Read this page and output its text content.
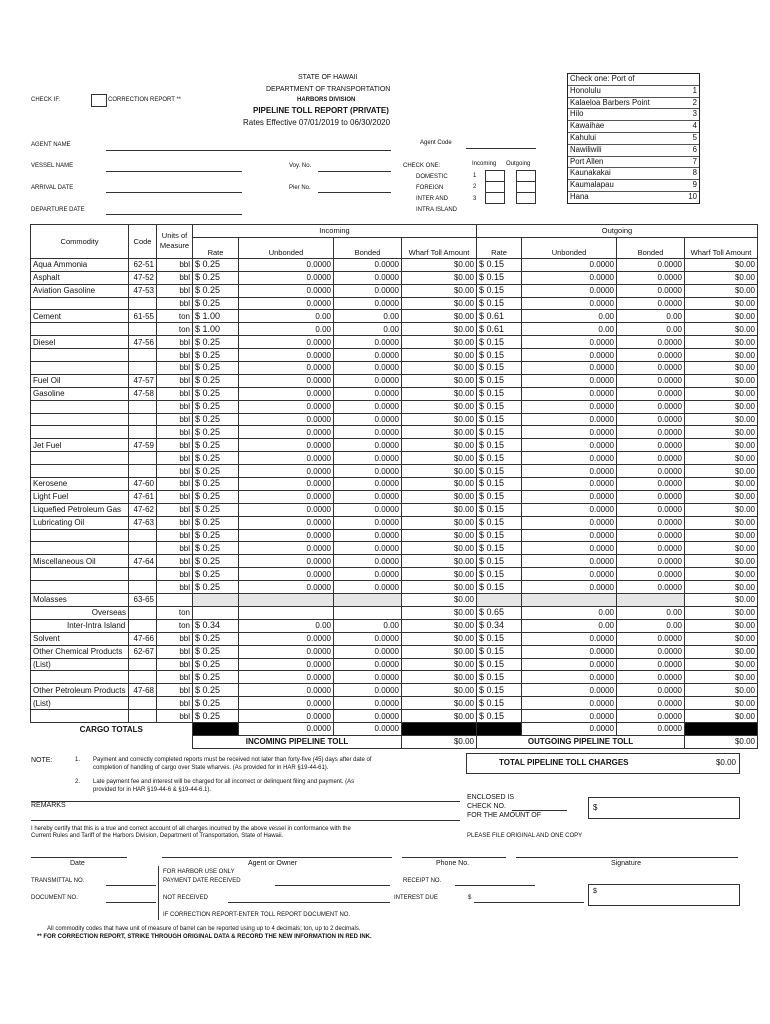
STATE OF HAWAII
DEPARTMENT OF TRANSPORTATION
HARBORS DIVISION
PIPELINE TOLL REPORT (PRIVATE)
Rates Effective 07/01/2019 to 06/30/2020
CHECK IF:	CORRECTION REPORT **
Check one: Port of
Honolulu	1
Kalaeloa Barbers Point	2
Hilo	3
Kawaihae	4
Kahului	5
Nawiliwili	6
Port Allen	7
Kaunakakai	8
Kaumalapau	9
Hana	10
AGENT NAME	Agent Code
VESSEL NAME	Voy. No.
ARRIVAL DATE	Pier No.
DEPARTURE DATE
CHECK ONE:	Incoming Outgoing
DOMESTIC	1
FOREIGN	2
INTER AND	3
INTRA ISLAND
Commodity	Code	Units of Measure	Incoming				Outgoing			
			Rate	Unbonded	Bonded	Wharf Toll Amount	Rate	Unbonded	Bonded	Wharf Toll Amount
Aqua Ammonia	62-51	bbl	$ 0.25	0.0000	0.0000	$0.00	$ 0.15	0.0000	0.0000	$0.00
Asphalt	47-52	bbl	$ 0.25	0.0000	0.0000	$0.00	$ 0.15	0.0000	0.0000	$0.00
Aviation Gasoline	47-53	bbl	$ 0.25	0.0000	0.0000	$0.00	$ 0.15	0.0000	0.0000	$0.00
		bbl	$ 0.25	0.0000	0.0000	$0.00	$ 0.15	0.0000	0.0000	$0.00
Cement	61-55	ton	$ 1.00	0.00	0.00	$0.00	$ 0.61	0.00	0.00	$0.00
		ton	$ 1.00	0.00	0.00	$0.00	$ 0.61	0.00	0.00	$0.00
Diesel	47-56	bbl	$ 0.25	0.0000	0.0000	$0.00	$ 0.15	0.0000	0.0000	$0.00
		bbl	$ 0.25	0.0000	0.0000	$0.00	$ 0.15	0.0000	0.0000	$0.00
		bbl	$ 0.25	0.0000	0.0000	$0.00	$ 0.15	0.0000	0.0000	$0.00
Fuel Oil	47-57	bbl	$ 0.25	0.0000	0.0000	$0.00	$ 0.15	0.0000	0.0000	$0.00
Gasoline	47-58	bbl	$ 0.25	0.0000	0.0000	$0.00	$ 0.15	0.0000	0.0000	$0.00
		bbl	$ 0.25	0.0000	0.0000	$0.00	$ 0.15	0.0000	0.0000	$0.00
		bbl	$ 0.25	0.0000	0.0000	$0.00	$ 0.15	0.0000	0.0000	$0.00
		bbl	$ 0.25	0.0000	0.0000	$0.00	$ 0.15	0.0000	0.0000	$0.00
Jet Fuel	47-59	bbl	$ 0.25	0.0000	0.0000	$0.00	$ 0.15	0.0000	0.0000	$0.00
		bbl	$ 0.25	0.0000	0.0000	$0.00	$ 0.15	0.0000	0.0000	$0.00
		bbl	$ 0.25	0.0000	0.0000	$0.00	$ 0.15	0.0000	0.0000	$0.00
Kerosene	47-60	bbl	$ 0.25	0.0000	0.0000	$0.00	$ 0.15	0.0000	0.0000	$0.00
Light Fuel	47-61	bbl	$ 0.25	0.0000	0.0000	$0.00	$ 0.15	0.0000	0.0000	$0.00
Liquefied Petroleum Gas	47-62	bbl	$ 0.25	0.0000	0.0000	$0.00	$ 0.15	0.0000	0.0000	$0.00
Lubricating Oil	47-63	bbl	$ 0.25	0.0000	0.0000	$0.00	$ 0.15	0.0000	0.0000	$0.00
		bbl	$ 0.25	0.0000	0.0000	$0.00	$ 0.15	0.0000	0.0000	$0.00
		bbl	$ 0.25	0.0000	0.0000	$0.00	$ 0.15	0.0000	0.0000	$0.00
Miscellaneous Oil	47-64	bbl	$ 0.25	0.0000	0.0000	$0.00	$ 0.15	0.0000	0.0000	$0.00
		bbl	$ 0.25	0.0000	0.0000	$0.00	$ 0.15	0.0000	0.0000	$0.00
		bbl	$ 0.25	0.0000	0.0000	$0.00	$ 0.15	0.0000	0.0000	$0.00
Molasses	63-65					$0.00				$0.00
Overseas		ton				$0.00	$ 0.65	0.00	0.00	$0.00
Inter-Intra Island		ton	$ 0.34	0.00	0.00	$0.00	$ 0.34	0.00	0.00	$0.00
Solvent	47-66	bbl	$ 0.25	0.0000	0.0000	$0.00	$ 0.15	0.0000	0.0000	$0.00
Other Chemical Products	62-67	bbl	$ 0.25	0.0000	0.0000	$0.00	$ 0.15	0.0000	0.0000	$0.00
(List)		bbl	$ 0.25	0.0000	0.0000	$0.00	$ 0.15	0.0000	0.0000	$0.00
		bbl	$ 0.25	0.0000	0.0000	$0.00	$ 0.15	0.0000	0.0000	$0.00
Other Petroleum Products	47-68	bbl	$ 0.25	0.0000	0.0000	$0.00	$ 0.15	0.0000	0.0000	$0.00
(List)		bbl	$ 0.25	0.0000	0.0000	$0.00	$ 0.15	0.0000	0.0000	$0.00
		bbl	$ 0.25	0.0000	0.0000	$0.00	$ 0.15	0.0000	0.0000	$0.00
CARGO TOTALS				0.0000	0.0000			0.0000	0.0000	
			INCOMING PIPELINE TOLL			$0.00	OUTGOING PIPELINE TOLL			$0.00
TOTAL PIPELINE TOLL CHARGES	$0.00
NOTE:	1. Payment and correctly completed reports must be received not later than forty-five (45) days after date of
completion of handling of cargo over State wharves. (As provided for in HAR §19-44-61).
2. Late payment fee and interest will be charged for all incorrect or delinquent filing and payment. (As
provided for in HAR §19-44-6 & §19-44-6.1).
REMARKS
ENCLOSED IS
CHECK NO.
FOR THE AMOUNT OF
$
I hereby certify that this is a true and correct account of all charges incurred by the above vessel in conformance with the
Current Rules and Tariff of the Harbors Division, Department of Transportation, State of Hawaii.	PLEASE FILE ORIGINAL AND ONE COPY
Date	Agent or Owner	Phone No.	Signature
FOR HARBOR USE ONLY
TRANSMITTAL NO.	PAYMENT DATE RECEIVED	RECEIPT NO.
DOCUMENT NO.	NOT RECEIVED	INTEREST DUE	$
$
IF CORRECTION REPORT-ENTER TOLL REPORT DOCUMENT NO.
All commodity codes that have unit of measure of barrel can be reported using up to 4 decimals; ton, up to 2 decimals.
** FOR CORRECTION REPORT, STRIKE THROUGH ORIGINAL DATA & RECORD THE NEW INFORMATION IN RED INK.
